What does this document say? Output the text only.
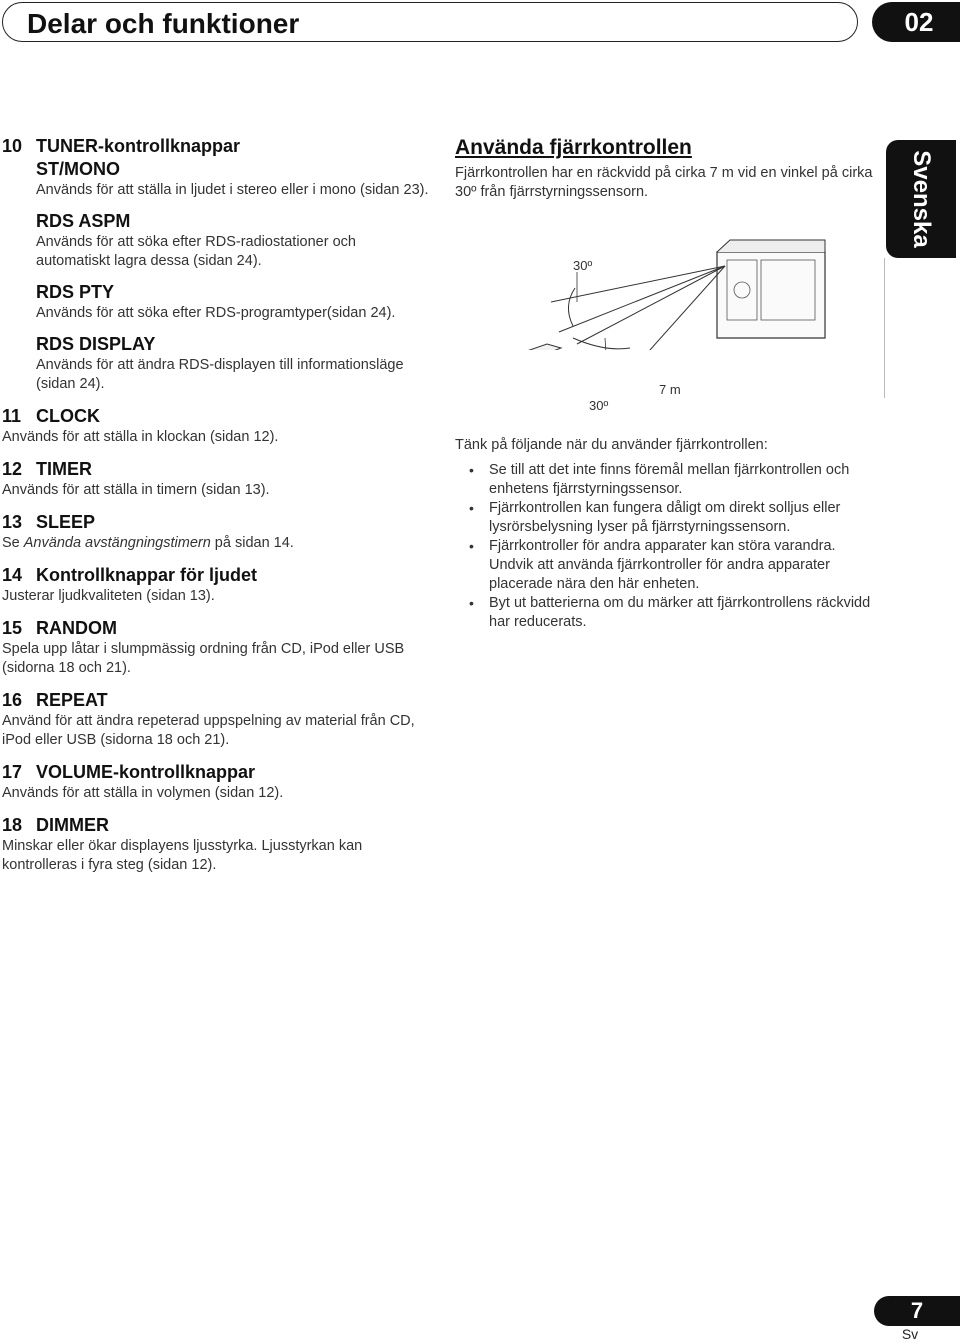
Delar och funktioner	02
Svenska
10 TUNER-kontrollknappar
ST/MONO
Används för att ställa in ljudet i stereo eller i mono (sidan 23).
RDS ASPM
Används för att söka efter RDS-radiostationer och automatiskt lagra dessa (sidan 24).
RDS PTY
Används för att söka efter RDS-programtyper(sidan 24).
RDS DISPLAY
Används för att ändra RDS-displayen till informationsläge (sidan 24).
11 CLOCK
Används för att ställa in klockan (sidan 12).
12 TIMER
Används för att ställa in timern (sidan 13).
13 SLEEP
Se Använda avstängningstimern på sidan 14.
14 Kontrollknappar för ljudet
Justerar ljudkvaliteten (sidan 13).
15 RANDOM
Spela upp låtar i slumpmässig ordning från CD, iPod eller USB (sidorna 18 och 21).
16 REPEAT
Använd för att ändra repeterad uppspelning av material från CD, iPod eller USB (sidorna 18 och 21).
17 VOLUME-kontrollknappar
Används för att ställa in volymen (sidan 12).
18 DIMMER
Minskar eller ökar displayens ljusstyrka. Ljusstyrkan kan kontrolleras i fyra steg (sidan 12).
Använda fjärrkontrollen
Fjärrkontrollen har en räckvidd på cirka 7 m vid en vinkel på cirka 30º från fjärrstyrningssensorn.
30º
30º
7 m
Tänk på följande när du använder fjärrkontrollen:
• Se till att det inte finns föremål mellan fjärrkontrollen och enhetens fjärrstyrningssensor.
• Fjärrkontrollen kan fungera dåligt om direkt solljus eller lysrörsbelysning lyser på fjärrstyrningssensorn.
• Fjärrkontroller för andra apparater kan störa varandra. Undvik att använda fjärrkontroller för andra apparater placerade nära den här enheten.
• Byt ut batterierna om du märker att fjärrkontrollens räckvidd har reducerats.
7
Sv
